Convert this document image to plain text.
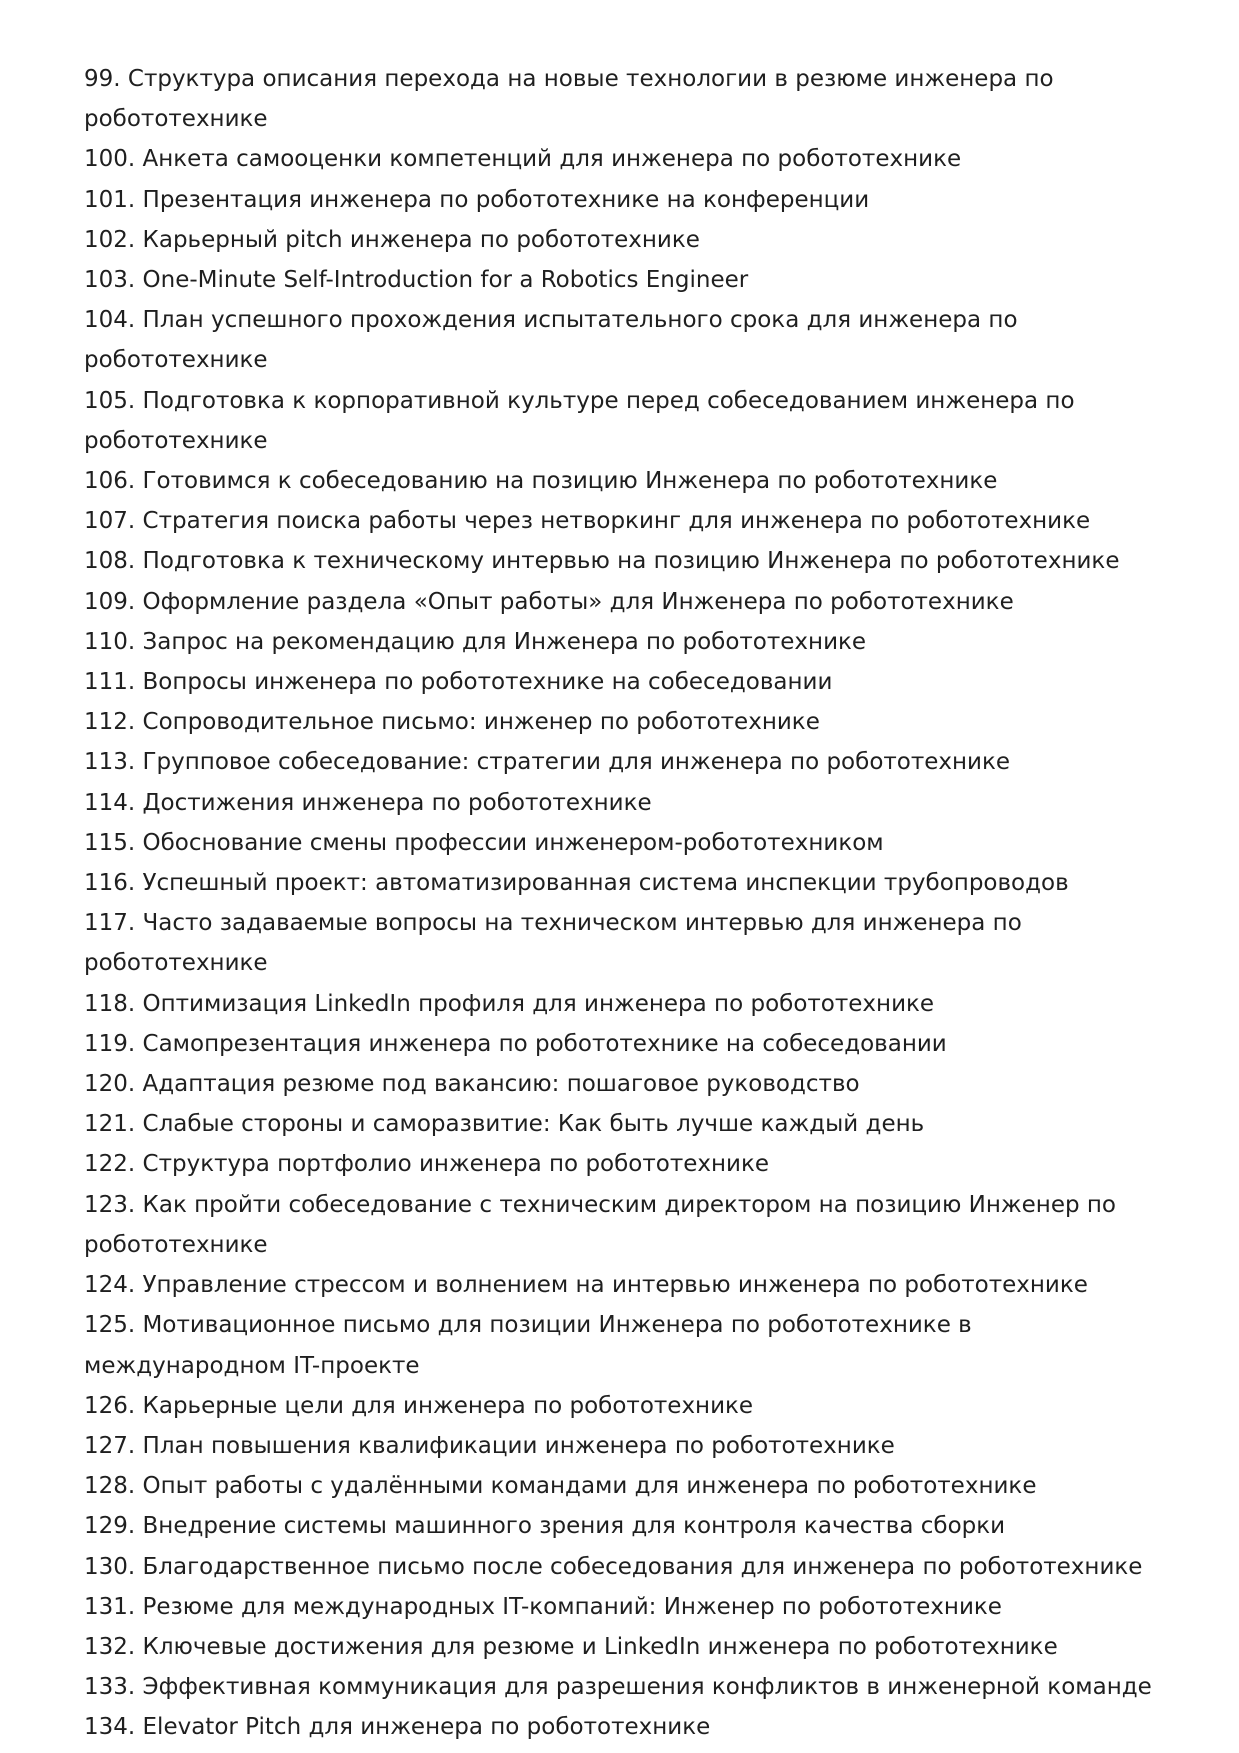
99. Структура описания перехода на новые технологии в резюме инженера по робототехнике

100. Анкета самооценки компетенций для инженера по робототехнике

101. Презентация инженера по робототехнике на конференции

102. Карьерный pitch инженера по робототехнике

103. One-Minute Self-Introduction for a Robotics Engineer

104. План успешного прохождения испытательного срока для инженера по робототехнике

105. Подготовка к корпоративной культуре перед собеседованием инженера по робототехнике

106. Готовимся к собеседованию на позицию Инженера по робототехнике

107. Стратегия поиска работы через нетворкинг для инженера по робототехнике

108. Подготовка к техническому интервью на позицию Инженера по робототехнике

109. Оформление раздела «Опыт работы» для Инженера по робототехнике

110. Запрос на рекомендацию для Инженера по робототехнике

111. Вопросы инженера по робототехнике на собеседовании

112. Сопроводительное письмо: инженер по робототехнике

113. Групповое собеседование: стратегии для инженера по робототехнике

114. Достижения инженера по робототехнике

115. Обоснование смены профессии инженером-робототехником

116. Успешный проект: автоматизированная система инспекции трубопроводов

117. Часто задаваемые вопросы на техническом интервью для инженера по робототехнике

118. Оптимизация LinkedIn профиля для инженера по робототехнике

119. Самопрезентация инженера по робототехнике на собеседовании

120. Адаптация резюме под вакансию: пошаговое руководство

121. Слабые стороны и саморазвитие: Как быть лучше каждый день

122. Структура портфолио инженера по робототехнике

123. Как пройти собеседование с техническим директором на позицию Инженер по робототехнике

124. Управление стрессом и волнением на интервью инженера по робототехнике

125. Мотивационное письмо для позиции Инженера по робототехнике в международном IT-проекте

126. Карьерные цели для инженера по робототехнике

127. План повышения квалификации инженера по робототехнике

128. Опыт работы с удалёнными командами для инженера по робототехнике

129. Внедрение системы машинного зрения для контроля качества сборки

130. Благодарственное письмо после собеседования для инженера по робототехнике

131. Резюме для международных IT-компаний: Инженер по робототехнике

132. Ключевые достижения для резюме и LinkedIn инженера по робототехнике

133. Эффективная коммуникация для разрешения конфликтов в инженерной команде

134. Elevator Pitch для инженера по робототехнике
